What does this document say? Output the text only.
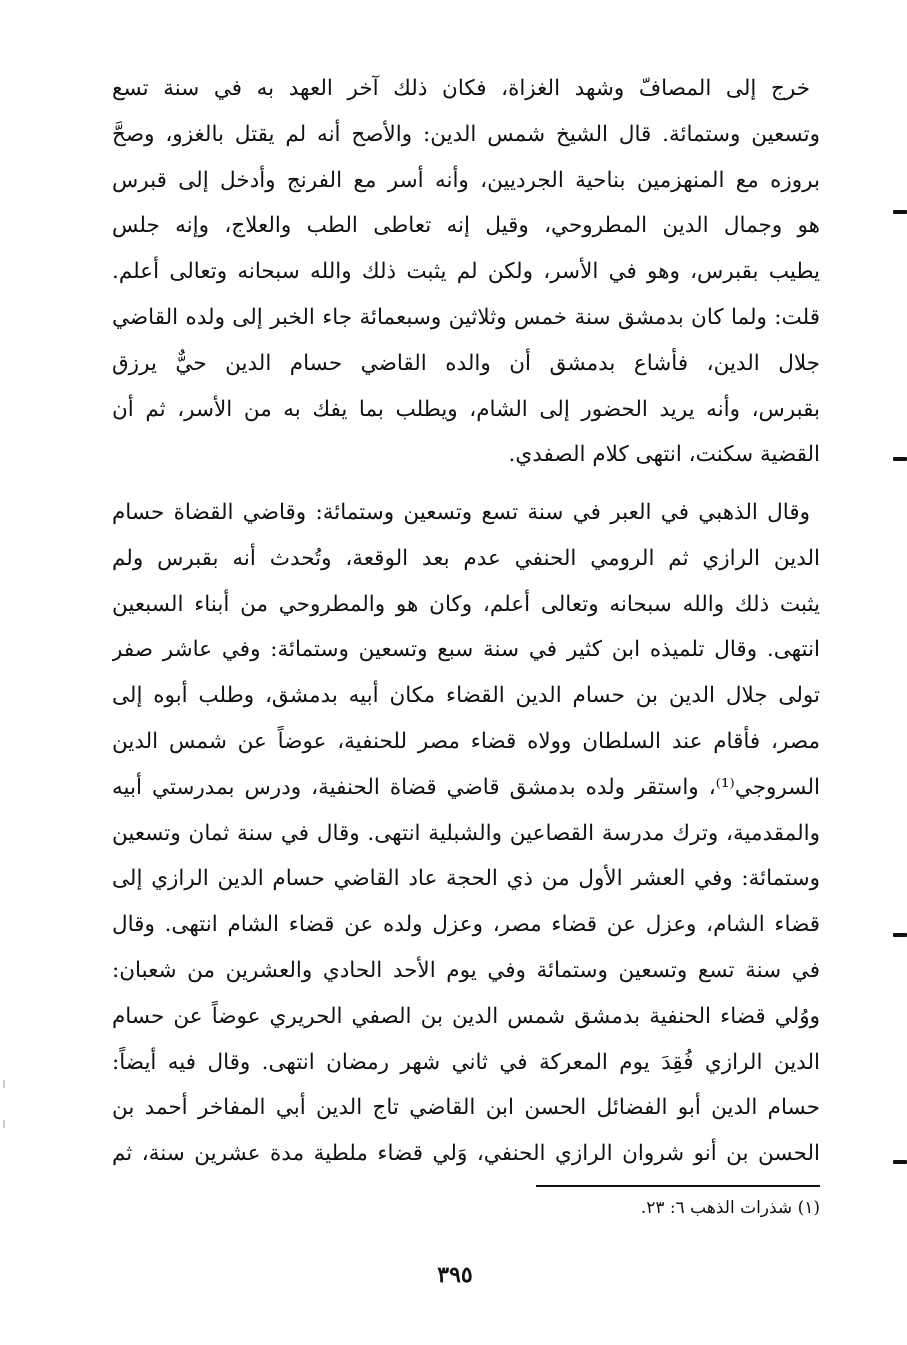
خرج إلى المصافّ وشهد الغزاة، فكان ذلك آخر العهد به في سنة تسع
وتسعين وستمائة. قال الشيخ شمس الدين: والأصح أنه لم يقتل بالغزو، وصحَّ
بروزه مع المنهزمين بناحية الجرديين، وأنه أسر مع الفرنج وأدخل إلى قبرس
هو وجمال الدين المطروحي، وقيل إنه تعاطى الطب والعلاج، وإنه جلس
يطيب بقبرس، وهو في الأسر، ولكن لم يثبت ذلك والله سبحانه وتعالى أعلم.
قلت: ولما كان بدمشق سنة خمس وثلاثين وسبعمائة جاء الخبر إلى ولده القاضي
جلال الدين، فأشاع بدمشق أن والده القاضي حسام الدين حيٌّ يرزق
بقبرس، وأنه يريد الحضور إلى الشام، ويطلب بما يفك به من الأسر، ثم أن
القضية سكنت، انتهى كلام الصفدي.
وقال الذهبي في العبر في سنة تسع وتسعين وستمائة: وقاضي القضاة حسام
الدين الرازي ثم الرومي الحنفي عدم بعد الوقعة، وتُحدث أنه بقبرس ولم
يثبت ذلك والله سبحانه وتعالى أعلم، وكان هو والمطروحي من أبناء السبعين
انتهى. وقال تلميذه ابن كثير في سنة سبع وتسعين وستمائة: وفي عاشر صفر
تولى جلال الدين بن حسام الدين القضاء مكان أبيه بدمشق، وطلب أبوه إلى
مصر، فأقام عند السلطان وولاه قضاء مصر للحنفية، عوضاً عن شمس الدين
السروجي⁽¹⁾، واستقر ولده بدمشق قاضي قضاة الحنفية، ودرس بمدرستي أبيه
والمقدمية، وترك مدرسة القصاعين والشبلية انتهى. وقال في سنة ثمان وتسعين
وستمائة: وفي العشر الأول من ذي الحجة عاد القاضي حسام الدين الرازي إلى
قضاء الشام، وعزل عن قضاء مصر، وعزل ولده عن قضاء الشام انتهى. وقال
في سنة تسع وتسعين وستمائة وفي يوم الأحد الحادي والعشرين من شعبان:
ووُلي قضاء الحنفية بدمشق شمس الدين بن الصفي الحريري عوضاً عن حسام
الدين الرازي فُقِدَ يوم المعركة في ثاني شهر رمضان انتهى. وقال فيه أيضاً:
حسام الدين أبو الفضائل الحسن ابن القاضي تاج الدين أبي المفاخر أحمد بن
الحسن بن أنو شروان الرازي الحنفي، وَلي قضاء ملطية مدة عشرين سنة، ثم
(١) شذرات الذهب ٦: ٢٣.
٣٩٥
